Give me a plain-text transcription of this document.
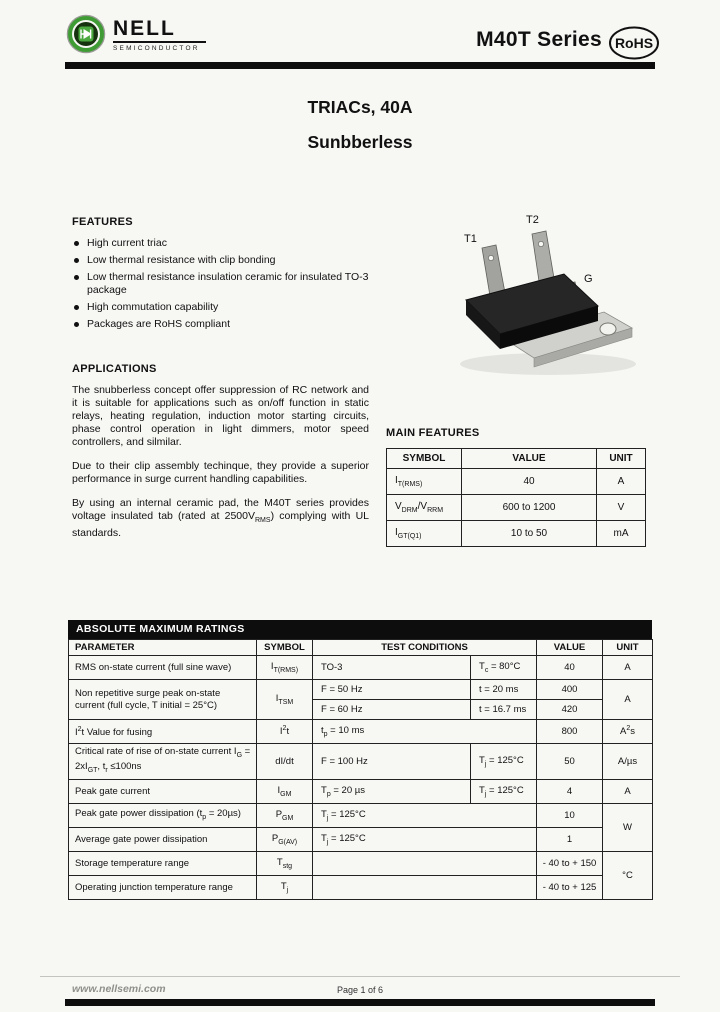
NELL
SEMICONDUCTOR	M40T Series RoHS
TRIACs, 40A
Sunbberless
FEATURES
High current triac
Low thermal resistance with clip bonding
Low thermal resistance insulation ceramic for insulated TO-3 package
High commutation capability
Packages are RoHS compliant
T1
T2
G
APPLICATIONS
The snubberless concept offer suppression of RC network and it is suitable for applications such as on/off function in static relays, heating regulation, induction motor starting circuits, phase control operation in light dimmers, motor speed controllers, and silmilar.
Due to their clip assembly techinque, they provide a superior performance in surge current handling capabilities.
By using an internal ceramic pad, the M40T series provides voltage insulated tab (rated at $2500V_{RMS}$) complying with UL standards.
MAIN FEATURES
SYMBOL	VALUE	UNIT
$I_{T(RMS)}$	40	A
$V_{DRM}/V_{RRM}$	600 to 1200	V
$I_{GT(Q1)}$	10 to 50	mA
ABSOLUTE MAXIMUM RATINGS
PARAMETER	SYMBOL	TEST CONDITIONS		VALUE	UNIT
RMS on-state current (full sine wave)	$I_{T(RMS)}$	TO-3	$T_c = 80^\circ C$	40	A
Non repetitive surge peak on-state current (full cycle, T initial = 25°C)	$I_{TSM}$	F = 50 Hz	t = 20 ms	400	A
		F = 60 Hz	t = 16.7 ms	420	
$I^2t$ Value for fusing	$I^2t$	$t_p = 10$ ms		800	$A^2s$
Critical rate of rise of on-state current $I_G = 2xI_{GT}$, $t_r \le 100ns$	dI/dt	F = 100 Hz	$T_j = 125^\circ C$	50	A/µs
Peak gate current	$I_{GM}$	$T_p = 20$ µs	$T_j = 125^\circ C$	4	A
Peak gate power dissipation $(t_p = 20\mu s)$	$P_{GM}$	$T_j = 125^\circ C$		10	W
Average gate power dissipation	$P_{G(AV)}$	$T_j = 125^\circ C$		1	
Storage temperature range	$T_{stg}$			- 40 to + 150	°C
Operating junction temperature range	$T_j$			- 40 to + 125	
www.nellsemi.com	Page 1 of 6
